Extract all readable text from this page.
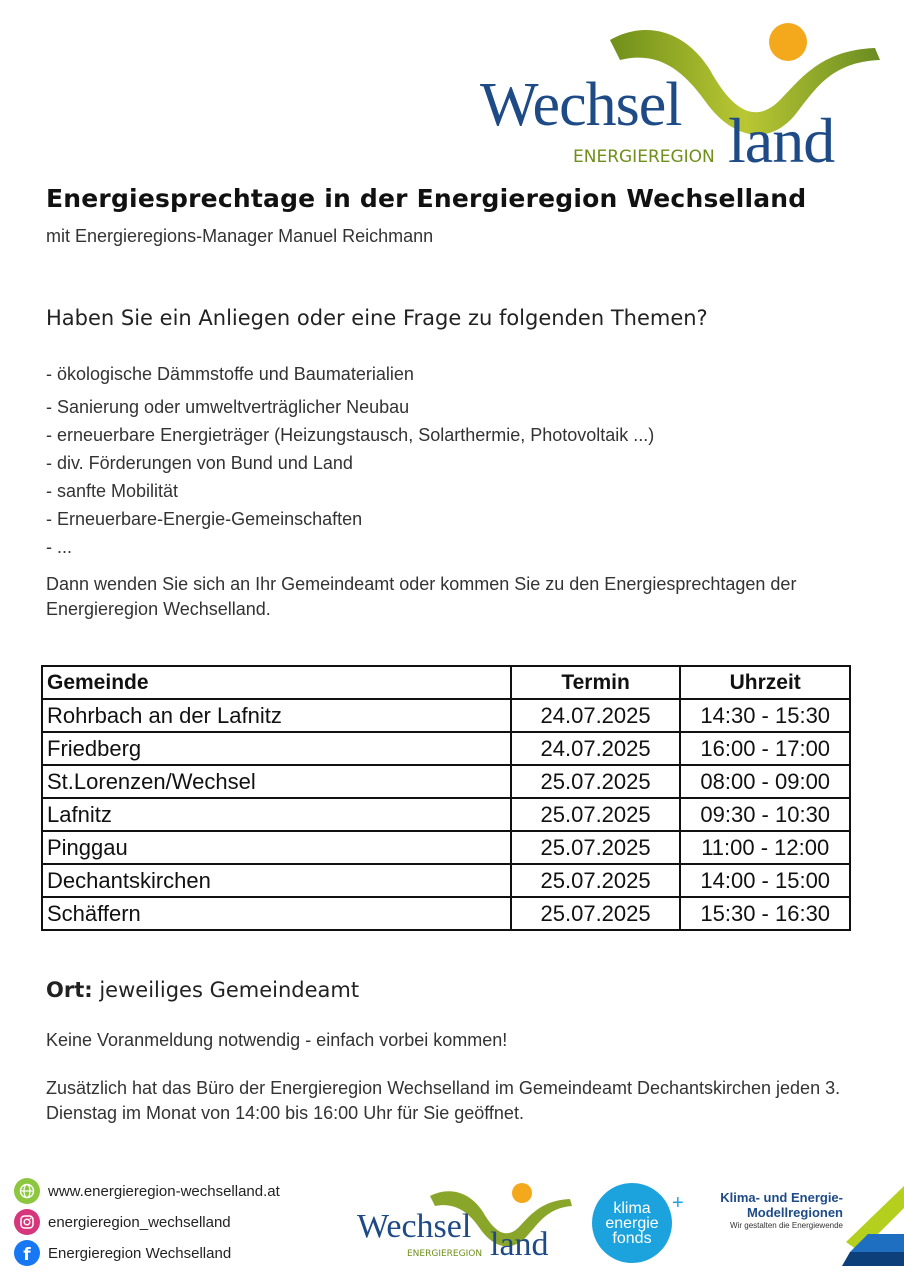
Wechsel land
ENERGIEREGION
Energiesprechtage in der Energieregion Wechselland
mit Energieregions-Manager Manuel Reichmann
Haben Sie ein Anliegen oder eine Frage zu folgenden Themen?
- ökologische Dämmstoffe und Baumaterialien
- Sanierung oder umweltverträglicher Neubau
- erneuerbare Energieträger (Heizungstausch, Solarthermie, Photovoltaik ...)
- div. Förderungen von Bund und Land
- sanfte Mobilität
- Erneuerbare-Energie-Gemeinschaften
- ...
Dann wenden Sie sich an Ihr Gemeindeamt oder kommen Sie zu den Energiesprechtagen der Energieregion Wechselland.
Gemeinde	Termin	Uhrzeit
Rohrbach an der Lafnitz	24.07.2025	14:30 - 15:30
Friedberg	24.07.2025	16:00 - 17:00
St.Lorenzen/Wechsel	25.07.2025	08:00 - 09:00
Lafnitz	25.07.2025	09:30 - 10:30
Pinggau	25.07.2025	11:00 - 12:00
Dechantskirchen	25.07.2025	14:00 - 15:00
Schäffern	25.07.2025	15:30 - 16:30
Ort: jeweiliges Gemeindeamt
Keine Voranmeldung notwendig - einfach vorbei kommen!
Zusätzlich hat das Büro der Energieregion Wechselland im Gemeindeamt Dechantskirchen jeden 3. Dienstag im Monat von 14:00 bis 16:00 Uhr für Sie geöffnet.
www.energieregion-wechselland.at
energieregion_wechselland
f Energieregion Wechselland
Wechsel land
ENERGIEREGION
klima
energie
fonds
+	Klima- und Energie-
Modellregionen
Wir gestalten die Energiewende
